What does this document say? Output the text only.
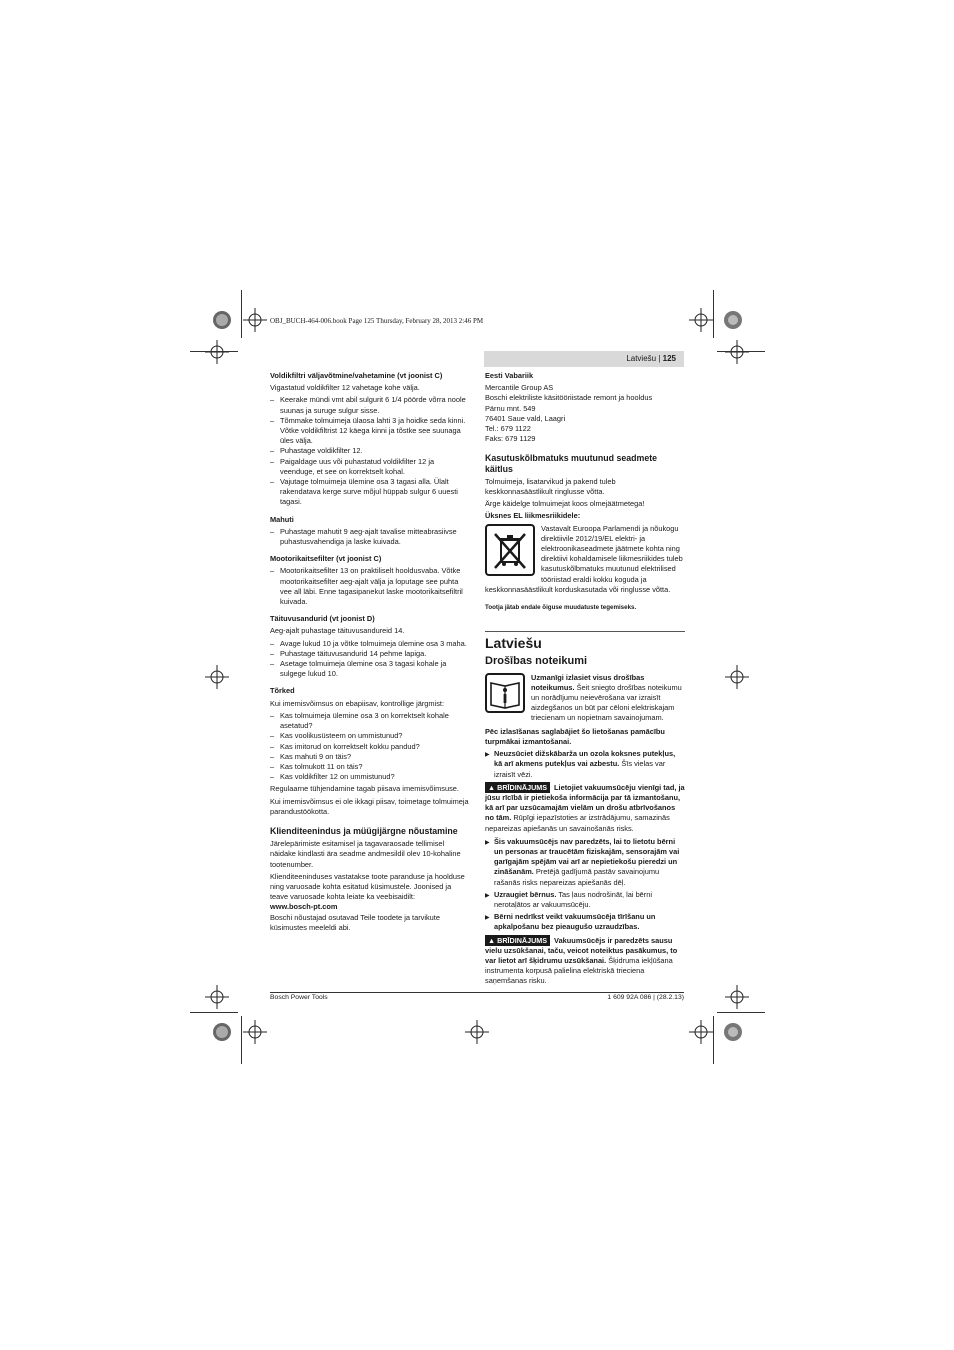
OBJ_BUCH-464-006.book Page 125 Thursday, February 28, 2013 2:46 PM
Latviešu | 125
Voldikfiltri väljavõtmine/vahetamine (vt joonist C)

Vigastatud voldikfilter 12 vahetage kohe välja.

– Keerake mündi vmt abil sulgurit 6 1/4 pöörde võrra noole suunas ja suruge sulgur sisse.
– Tõmmake tolmuimeja ülaosa lahti 3 ja hoidke seda kinni. Võtke voldikfiltrist 12 käega kinni ja tõstke see suunaga üles välja.
– Puhastage voldikfilter 12.
– Paigaldage uus või puhastatud voldikfilter 12 ja veenduge, et see on korrektselt kohal.
– Vajutage tolmuimeja ülemine osa 3 tagasi alla. Ülalt rakendatava kerge surve mõjul hüppab sulgur 6 uuesti tagasi.
Mahuti
– Puhastage mahutit 9 aeg-ajalt tavalise mitteabrasiivse puhastusvahendiga ja laske kuivada.
Mootorikaitsefilter (vt joonist C)
– Mootorikaitsefilter 13 on praktiliselt hooldusvaba. Võtke mootorikaitsefilter aeg-ajalt välja ja loputage see puhta vee all läbi. Enne tagasipanekut laske mootorikaitsefiltril kuivada.
Täituvusandurid (vt joonist D)

Aeg-ajalt puhastage täituvusandureid 14.

– Avage lukud 10 ja võtke tolmuimeja ülemine osa 3 maha.
– Puhastage täituvusandurid 14 pehme lapiga.
– Asetage tolmuimeja ülemine osa 3 tagasi kohale ja sulgege lukud 10.
Tõrked

Kui imemisvõimsus on ebapiisav, kontrollige järgmist:

– Kas tolmuimeja ülemine osa 3 on korrektselt kohale asetatud?
– Kas voolikusüsteem on ummistunud?
– Kas imitorud on korrektselt kokku pandud?
– Kas mahuti 9 on täis?
– Kas tolmukott 11 on täis?
– Kas voldikfilter 12 on ummistunud?

Regulaarne tühjendamine tagab piisava imemisvõimsuse.

Kui imemisvõimsus ei ole ikkagi piisav, toimetage tolmuimeja parandustöökotta.

Klienditeenindus ja müügijärgne nõustamine

Järelepärimiste esitamisel ja tagavaraosade tellimisel näidake kindlasti ära seadme andmesildil olev 10-kohaline tootenumber.

Klienditeeninduses vastatakse toote paranduse ja hoolduse ning varuosade kohta esitatud küsimustele. Joonised ja teave varuosade kohta leiate ka veebisaidilt:

www.bosch-pt.com

Boschi nõustajad osutavad Teile toodete ja tarvikute küsimustes meeleldi abi.

Eesti Vabariik
Mercantile Group AS
Boschi elektriliste käsitööriistade remont ja hooldus
Pärnu mnt. 549
76401 Saue vald, Laagri
Tel.: 679 1122
Faks: 679 1129
Kasutuskõlbmatuks muutunud seadmete käitlus

Tolmuimeja, lisatarvikud ja pakend tuleb keskkonnasäästlikult ringlusse võtta.

Ärge käidelge tolmuimejat koos olmejäätmetega!

Üksnes EL liikmesriikidele:
Vastavalt Euroopa Parlamendi ja nõukogu direktiivile 2012/19/EL elektri- ja elektroonikaseadmete jäätmete kohta ning direktiivi kohaldamisele liikmesriikides tuleb kasutuskõlbmatuks muutunud elektrilised tööriistad eraldi kokku koguda ja keskkonnasäästlikult korduskasutada või ringlusse võtta.

Tootja jätab endale õiguse muudatuste tegemiseks.

Latviešu
Drošības noteikumi
Uzmanīgi izlasiet visus drošības noteikumus. Šeit sniegto drošības noteikumu un norādījumu neievērošana var izraisīt aizdegšanos un būt par cēloni elektriskajam triecienam un nopietnam savainojumam.

Pēc izlasīšanas saglabājiet šo lietošanas pamācību turpmākai izmantošanai.

▶ Neuzsūciet dižskābarža un ozola koksnes putekļus, kā arī akmens putekļus vai azbestu. Šīs vielas var izraisīt vēzi.

▲ BRĪDINĀJUMS Lietojiet vakuumsūcēju vienīgi tad, ja jūsu rīcībā ir pietiekoša informācija par tā izmantošanu, kā arī par uzsūcamajām vielām un drošu atbrīvošanos no tām. Rūpīgi iepazīstoties ar izstrādājumu, samazinās nepareizas apiešanās un savainošanās risks.

▶ Šis vakuumsūcējs nav paredzēts, lai to lietotu bērni un personas ar traucētām fiziskajām, sensorajām vai garīgajām spējām vai arī ar nepietiekošu pieredzi un zināšanām. Pretējā gadījumā pastāv savainojumu rašanās risks nepareizas apiešanās dēļ.

▶ Uzraugiet bērnus. Tas ļaus nodrošināt, lai bērni nerotaļātos ar vakuumsūcēju.

▶ Bērni nedrīkst veikt vakuumsūcēja tīrīšanu un apkalpošanu bez pieaugušo uzraudzības.

▲ BRĪDINĀJUMS Vakuumsūcējs ir paredzēts sausu vielu uzsūkšanai, taču, veicot noteiktus pasākumus, to var lietot arī šķidrumu uzsūkšanai. Šķidruma iekļūšana instrumenta korpusā palielina elektriskā trieciena saņemšanas risku.

Bosch Power Tools	1 609 92A 086 | (28.2.13)
